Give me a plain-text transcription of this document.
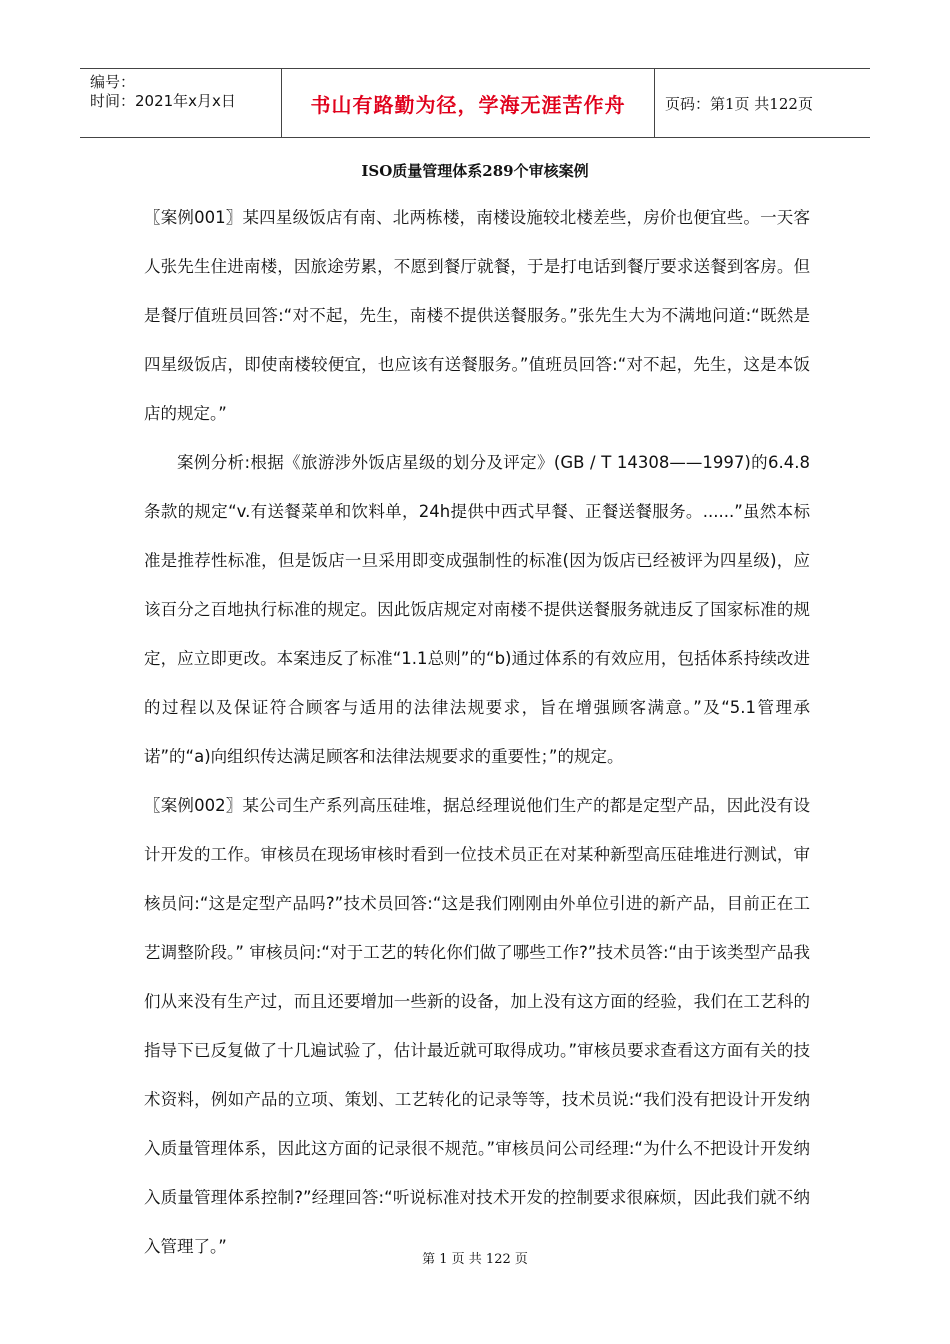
编号：
时间：2021年x月x日	书山有路勤为径，学海无涯苦作舟	页码：第1页 共122页
ISO质量管理体系289个审核案例

〖案例001〗某四星级饭店有南、北两栋楼，南楼设施较北楼差些，房价也便宜些。一天客人张先生住进南楼，因旅途劳累，不愿到餐厅就餐，于是打电话到餐厅要求送餐到客房。但是餐厅值班员回答:“对不起，先生，南楼不提供送餐服务。”张先生大为不满地问道:“既然是四星级饭店，即使南楼较便宜，也应该有送餐服务。”值班员回答:“对不起，先生，这是本饭店的规定。”

案例分析:根据《旅游涉外饭店星级的划分及评定》(GB / T 14308——1997)的6.4.8条款的规定“v.有送餐菜单和饮料单，24h提供中西式早餐、正餐送餐服务。......”虽然本标准是推荐性标准，但是饭店一旦采用即变成强制性的标准(因为饭店已经被评为四星级)，应该百分之百地执行标准的规定。因此饭店规定对南楼不提供送餐服务就违反了国家标准的规定，应立即更改。本案违反了标准“1.1总则”的“b)通过体系的有效应用，包括体系持续改进的过程以及保证符合顾客与适用的法律法规要求，旨在增强顾客满意。”及“5.1管理承诺”的“a)向组织传达满足顾客和法律法规要求的重要性；”的规定。

〖案例002〗某公司生产系列高压硅堆，据总经理说他们生产的都是定型产品，因此没有设计开发的工作。审核员在现场审核时看到一位技术员正在对某种新型高压硅堆进行测试，审核员问:“这是定型产品吗?”技术员回答:“这是我们刚刚由外单位引进的新产品，目前正在工艺调整阶段。” 审核员问:“对于工艺的转化你们做了哪些工作?”技术员答:“由于该类型产品我们从来没有生产过，而且还要增加一些新的设备，加上没有这方面的经验，我们在工艺科的指导下已反复做了十几遍试验了，估计最近就可取得成功。”审核员要求查看这方面有关的技术资料，例如产品的立项、策划、工艺转化的记录等等，技术员说:“我们没有把设计开发纳入质量管理体系，因此这方面的记录很不规范。”审核员问公司经理:“为什么不把设计开发纳入质量管理体系控制?”经理回答:“听说标准对技术开发的控制要求很麻烦，因此我们就不纳入管理了。”

第 1 页 共 122 页
